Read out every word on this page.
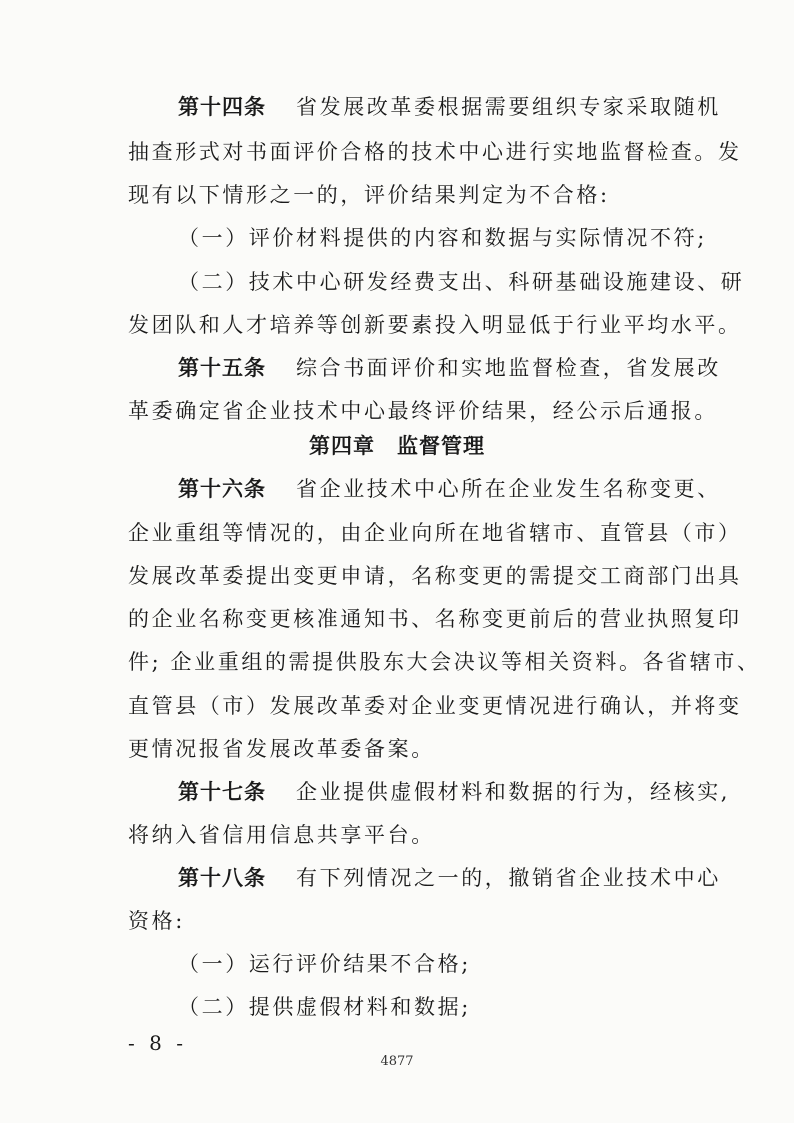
第十四条 省发展改革委根据需要组织专家采取随机
抽查形式对书面评价合格的技术中心进行实地监督检查。发
现有以下情形之一的，评价结果判定为不合格:
（一）评价材料提供的内容和数据与实际情况不符;
（二）技术中心研发经费支出、科研基础设施建设、研
发团队和人才培养等创新要素投入明显低于行业平均水平。
第十五条 综合书面评价和实地监督检查，省发展改
革委确定省企业技术中心最终评价结果，经公示后通报。
第四章　监督管理
第十六条 省企业技术中心所在企业发生名称变更、
企业重组等情况的，由企业向所在地省辖市、直管县（市）
发展改革委提出变更申请，名称变更的需提交工商部门出具
的企业名称变更核准通知书、名称变更前后的营业执照复印
件; 企业重组的需提供股东大会决议等相关资料。各省辖市、
直管县（市）发展改革委对企业变更情况进行确认，并将变
更情况报省发展改革委备案。
第十七条 企业提供虚假材料和数据的行为，经核实,
将纳入省信用信息共享平台。
第十八条 有下列情况之一的，撤销省企业技术中心
资格:
（一）运行评价结果不合格;
（二）提供虚假材料和数据;
- 8 -
4877
